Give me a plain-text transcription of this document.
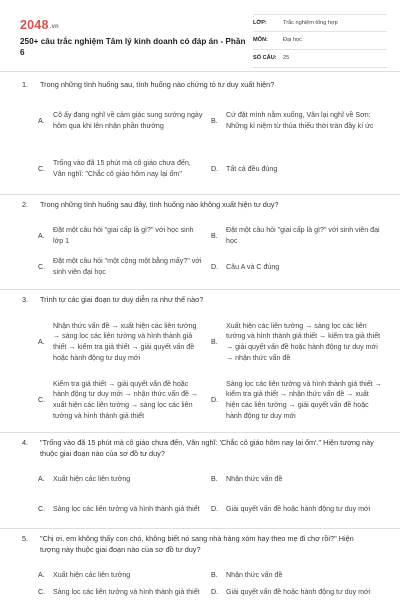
2048.vn
250+ câu trắc nghiệm Tâm lý kinh doanh có đáp án - Phần 6
LỚP:	Trắc nghiệm tổng hợp
MÔN:	Đại học
SỐ CÂU:	25
1. Trong những tình huống sau, tình huống nào chứng tỏ tư duy xuất hiện?
A.
Cô ấy đang nghĩ về cảm giác sung sướng ngày hôm qua khi lên nhận phần thưởng
B.
Cứ đặt mình nằm xuống, Vân lại nghĩ về Sơn: Những kỉ niệm từ thủa thiếu thời tràn đầy kí ức
C.
Trống vào đã 15 phút mà cô giáo chưa đến, Vân nghĩ: "Chắc cô giáo hôm nay lại ốm"
D.	Tất cả đều đúng
2. Trong những tình huống sau đây, tình huống nào không xuất hiện tư duy?
A.
Đặt một câu hỏi "giai cấp là gì?" với học sinh lớp 1
B.
Đặt một câu hỏi "giai cấp là gì?" với sinh viên đại học
C.
Đặt một câu hỏi "một cộng một bằng mấy?" với sinh viên đại học
D.	Câu A và C đúng
3. Trình tự các giai đoạn tư duy diễn ra như thế nào?
A.
Nhận thức vấn đề → xuất hiện các liên tưởng → sàng lọc các liên tưởng và hình thành giả thiết → kiểm tra giả thiết → giải quyết vấn đề hoặc hành động tư duy mới
B.
Xuất hiện các liên tưởng → sàng lọc các liên tưởng và hình thành giả thiết → kiểm tra giả thiết → giải quyết vấn đề hoặc hành động tư duy mới → nhận thức vấn đề
C.
Kiểm tra giả thiết → giải quyết vấn đề hoặc hành động tư duy mới → nhận thức vấn đề → xuất hiện các liên tưởng → sàng lọc các liên tưởng và hình thành giả thiết
D.
Sàng lọc các liên tưởng và hình thành giả thiết → kiểm tra giả thiết → nhận thức vấn đề → xuất hiện các liên tưởng → giải quyết vấn đề hoặc hành động tư duy mới
4. "Trống vào đã 15 phút mà cô giáo chưa đến, Vân nghĩ: 'Chắc cô giáo hôm nay lại ốm'." Hiện tượng này thuộc giai đoạn nào của sơ đồ tư duy?
A.	Xuất hiện các liên tưởng	B.	Nhận thức vấn đề
C.	Sàng lọc các liên tưởng và hình thành giả thiết D.	Giải quyết vấn đề hoặc hành động tư duy mới
5. "Chị ơi, em không thấy con chó, không biết nó sang nhà hàng xóm hay theo mẹ đi chợ rồi?" Hiện tượng này thuộc giai đoạn nào của sơ đồ tư duy?
A.	Xuất hiện các liên tưởng	B.	Nhận thức vấn đề
C.	Sàng lọc các liên tưởng và hình thành giả thiết D.	Giải quyết vấn đề hoặc hành động tư duy mới
